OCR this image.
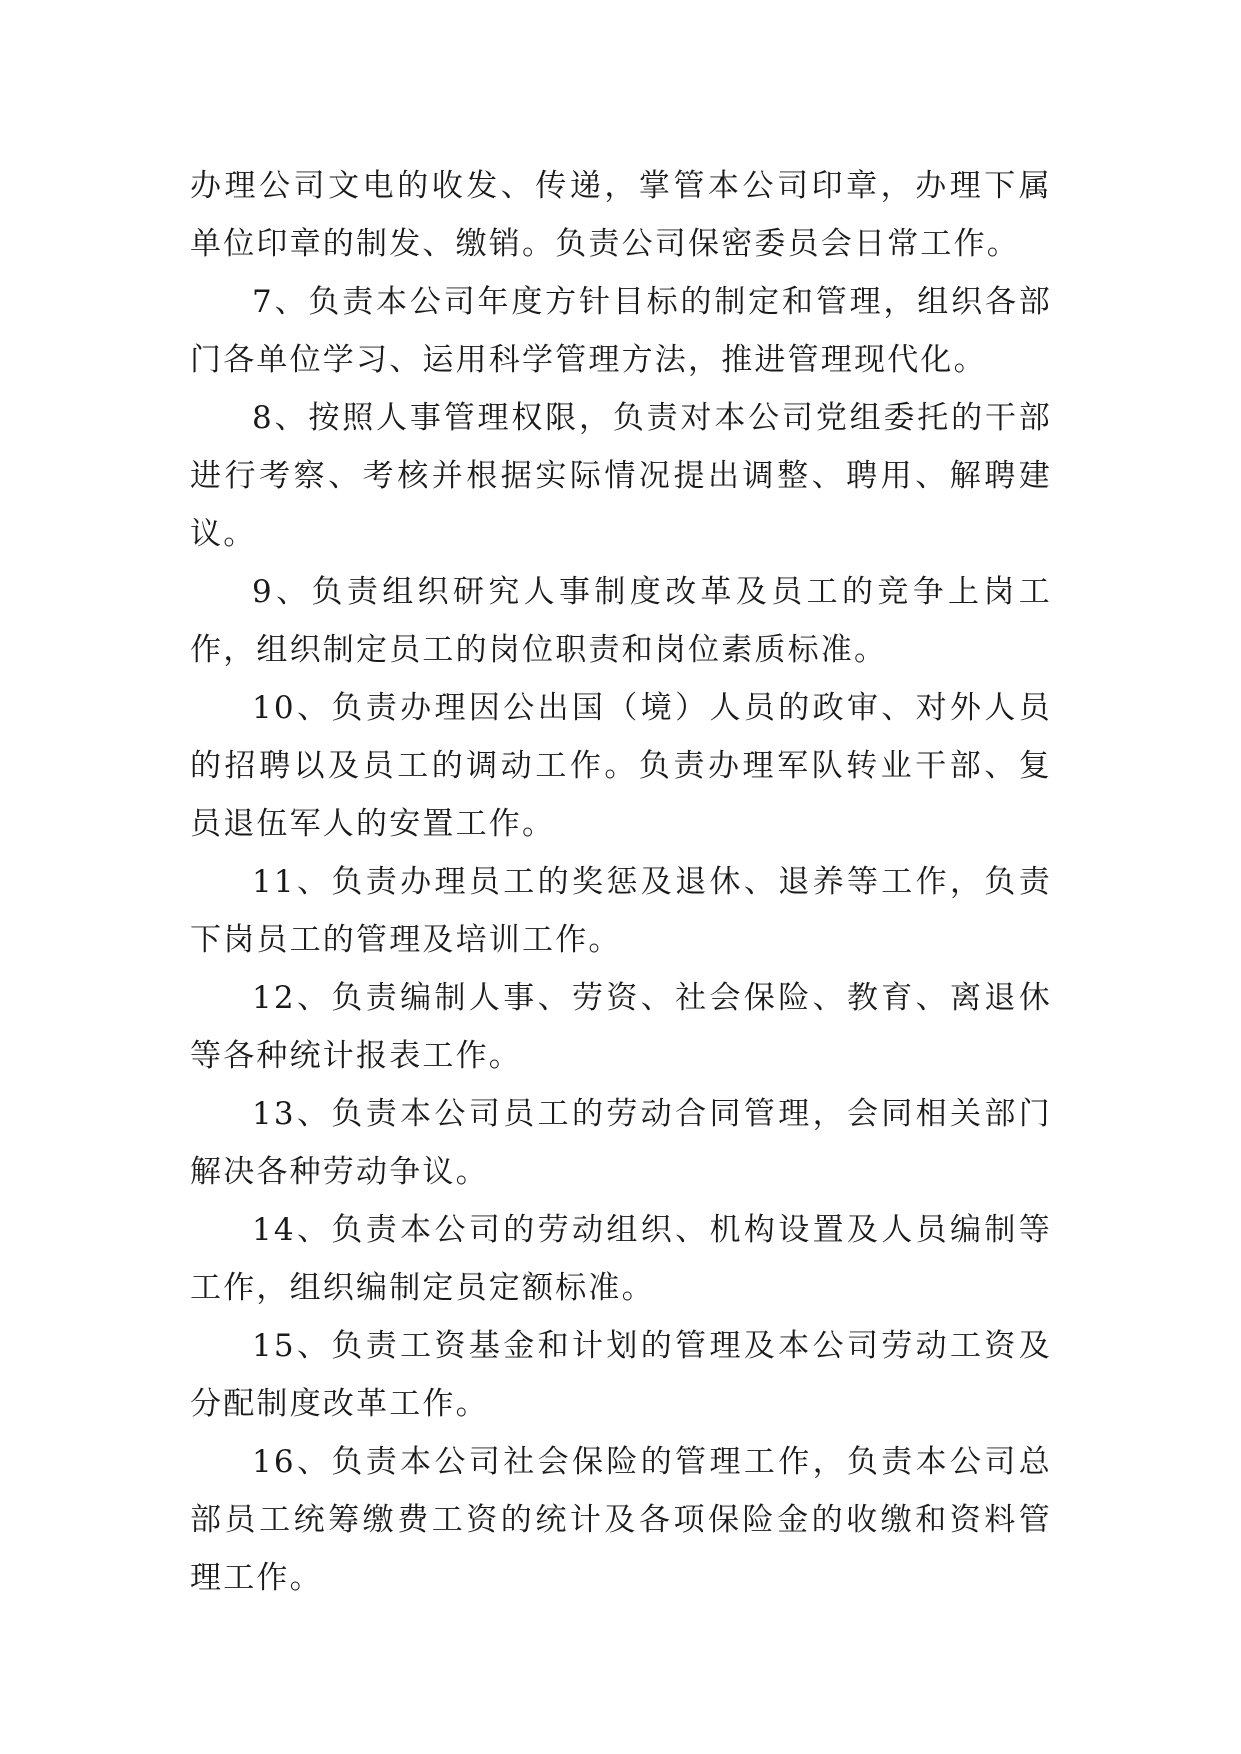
办理公司文电的收发、传递，掌管本公司印章，办理下属单位印章的制发、缴销。负责公司保密委员会日常工作。

7、负责本公司年度方针目标的制定和管理，组织各部门各单位学习、运用科学管理方法，推进管理现代化。

8、按照人事管理权限，负责对本公司党组委托的干部进行考察、考核并根据实际情况提出调整、聘用、解聘建议。

9、负责组织研究人事制度改革及员工的竞争上岗工作，组织制定员工的岗位职责和岗位素质标准。

10、负责办理因公出国（境）人员的政审、对外人员的招聘以及员工的调动工作。负责办理军队转业干部、复员退伍军人的安置工作。

11、负责办理员工的奖惩及退休、退养等工作，负责下岗员工的管理及培训工作。

12、负责编制人事、劳资、社会保险、教育、离退休等各种统计报表工作。

13、负责本公司员工的劳动合同管理，会同相关部门解决各种劳动争议。

14、负责本公司的劳动组织、机构设置及人员编制等工作，组织编制定员定额标准。

15、负责工资基金和计划的管理及本公司劳动工资及分配制度改革工作。

16、负责本公司社会保险的管理工作，负责本公司总部员工统筹缴费工资的统计及各项保险金的收缴和资料管理工作。
